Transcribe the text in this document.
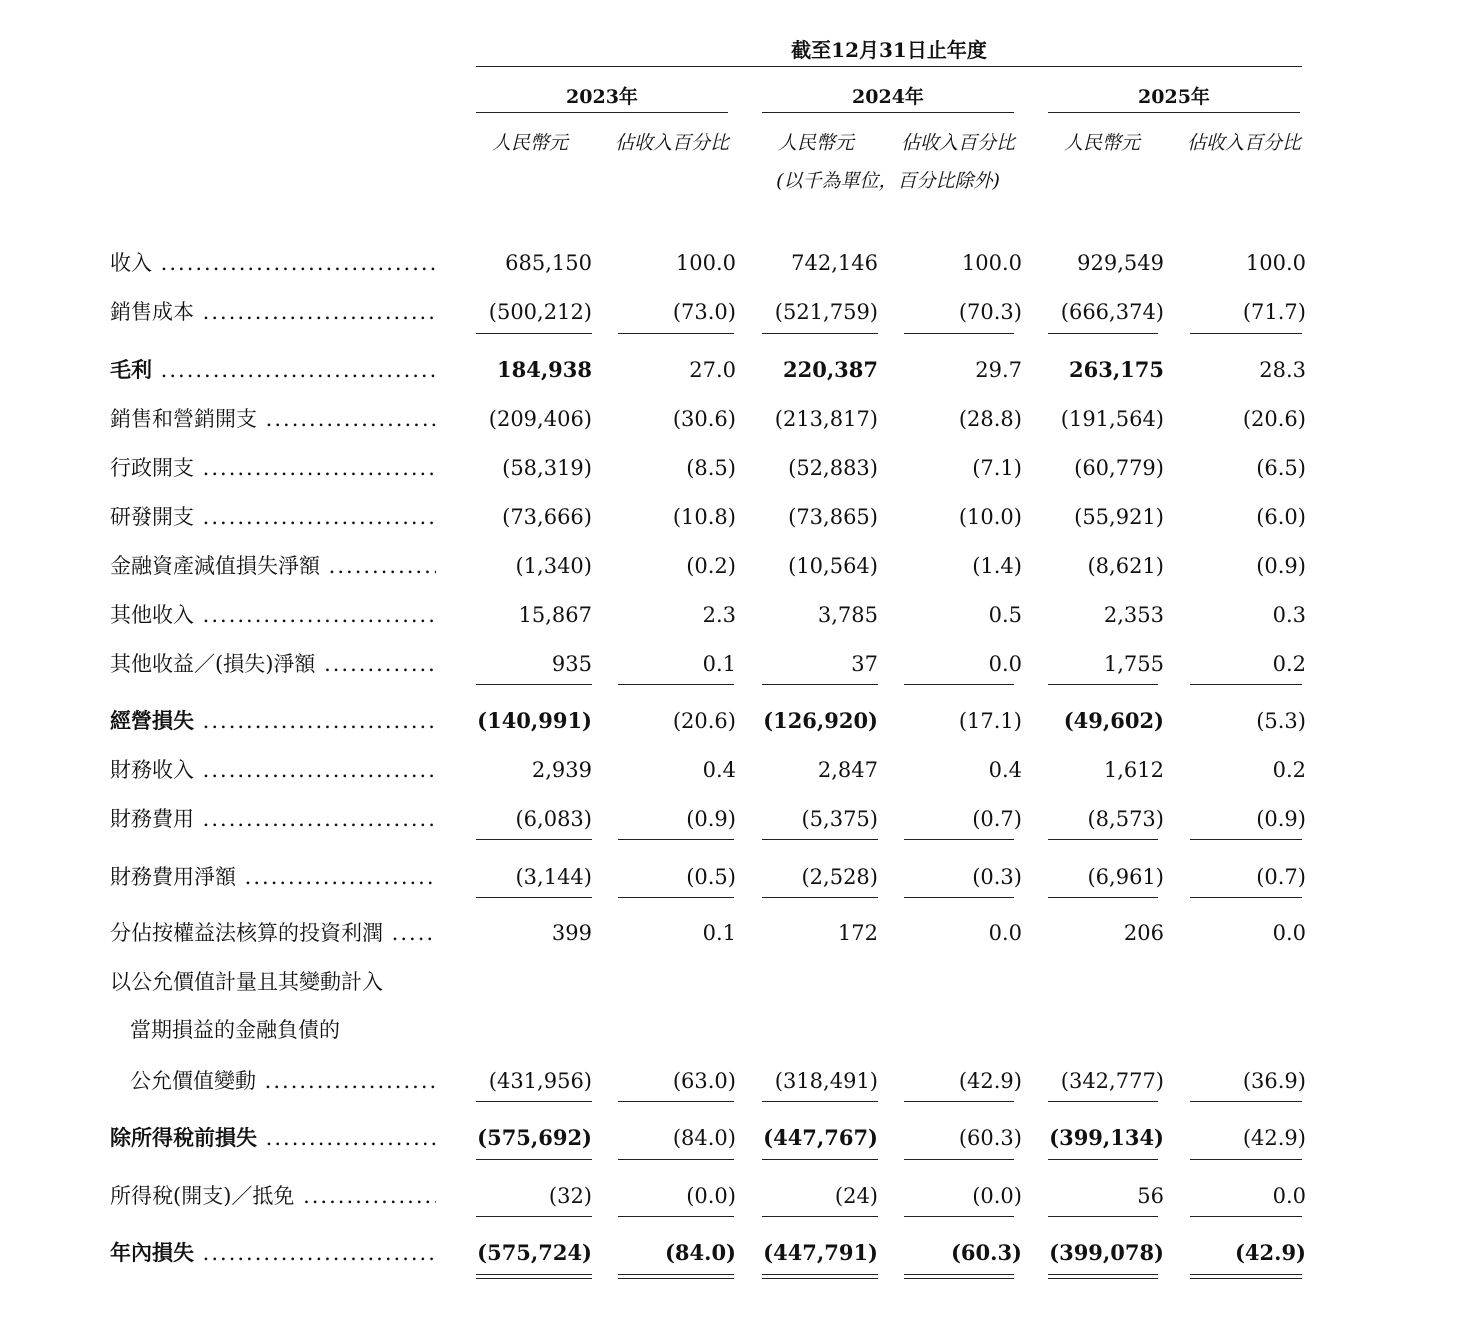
截至12月31日止年度
2023年	2024年	2025年
人民幣元	佔收入百分比	人民幣元	佔收入百分比	人民幣元	佔收入百分比
(以千為單位，百分比除外)
收入 .....	685,150	100.0	742,146	100.0	929,549	100.0
銷售成本 .....	(500,212)	(73.0)	(521,759)	(70.3)	(666,374)	(71.7)
毛利 .....	184,938	27.0	220,387	29.7	263,175	28.3
銷售和營銷開支 .....	(209,406)	(30.6)	(213,817)	(28.8)	(191,564)	(20.6)
行政開支 .....	(58,319)	(8.5)	(52,883)	(7.1)	(60,779)	(6.5)
研發開支 .....	(73,666)	(10.8)	(73,865)	(10.0)	(55,921)	(6.0)
金融資產減值損失淨額 .....	(1,340)	(0.2)	(10,564)	(1.4)	(8,621)	(0.9)
其他收入 .....	15,867	2.3	3,785	0.5	2,353	0.3
其他收益／(損失)淨額 .....	935	0.1	37	0.0	1,755	0.2
經營損失 .....	(140,991)	(20.6)	(126,920)	(17.1)	(49,602)	(5.3)
財務收入 .....	2,939	0.4	2,847	0.4	1,612	0.2
財務費用 .....	(6,083)	(0.9)	(5,375)	(0.7)	(8,573)	(0.9)
財務費用淨額 .....	(3,144)	(0.5)	(2,528)	(0.3)	(6,961)	(0.7)
分佔按權益法核算的投資利潤 .....	399	0.1	172	0.0	206	0.0
以公允價值計量且其變動計入
當期損益的金融負債的
公允價值變動 .....	(431,956)	(63.0)	(318,491)	(42.9)	(342,777)	(36.9)
除所得稅前損失 .....	(575,692)	(84.0)	(447,767)	(60.3)	(399,134)	(42.9)
所得稅(開支)／抵免 .....	(32)	(0.0)	(24)	(0.0)	56	0.0
年內損失 .....	(575,724)	(84.0)	(447,791)	(60.3)	(399,078)	(42.9)
